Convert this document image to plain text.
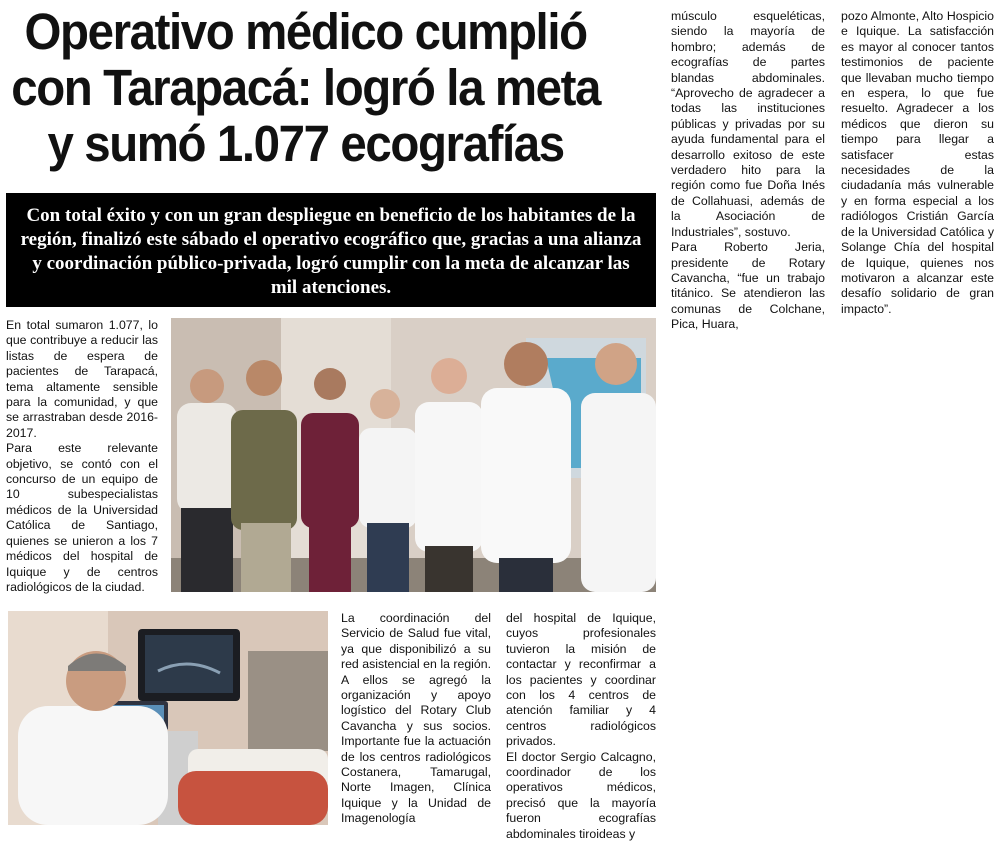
Operativo médico cumplió
con Tarapacá: logró la meta
y sumó 1.077 ecografías
Con total éxito y con un gran despliegue en beneficio de los habitantes de la región, finalizó este sábado el operativo ecográfico que, gracias a una alianza y coordinación público-privada, logró cumplir con la meta de alcanzar las mil atenciones.

En total sumaron 1.077, lo que contribuye a reducir las listas de espera de pacientes de Tarapacá, tema altamente sensible para la comunidad, y que se arrastraban desde 2016-2017.

Para este relevante objetivo, se contó con el concurso de un equipo de 10 subespecialistas médicos de la Universidad Católica de Santiago, quienes se unieron a los 7 médicos del hospital de Iquique y de centros radiológicos de la ciudad.

La coordinación del Servicio de Salud fue vital, ya que disponibilizó a su red asistencial en la región. A ellos se agregó la organización y apoyo logístico del Rotary Club Cavancha y sus socios. Importante fue la actuación de los centros radiológicos Costanera, Tamarugal, Norte Imagen, Clínica Iquique y la Unidad de Imagenología

del hospital de Iquique, cuyos profesionales tuvieron la misión de contactar y reconfirmar a los pacientes y coordinar con los 4 centros de atención familiar y 4 centros radiológicos privados.

El doctor Sergio Calcagno, coordinador de los operativos médicos, precisó que la mayoría fueron ecografías abdominales tiroideas y

músculo esqueléticas, siendo la mayoría de hombro; además de ecografías de partes blandas abdominales. “Aprovecho de agradecer a todas las instituciones públicas y privadas por su ayuda fundamental para el desarrollo exitoso de este verdadero hito para la región como fue Doña Inés de Collahuasi, además de la Asociación de Industriales”, sostuvo.

Para Roberto Jeria, presidente de Rotary Cavancha, “fue un trabajo titánico. Se atendieron las comunas de Colchane, Pica, Huara,

pozo Almonte, Alto Hospicio e Iquique. La satisfacción es mayor al conocer tantos testimonios de paciente que llevaban mucho tiempo en espera, lo que fue resuelto. Agradecer a los médicos que dieron su tiempo para llegar a satisfacer estas necesidades de la ciudadanía más vulnerable y en forma especial a los radiólogos Cristián García de la Universidad Católica y Solange Chía del hospital de Iquique, quienes nos motivaron a alcanzar este desafío solidario de gran impacto”.
